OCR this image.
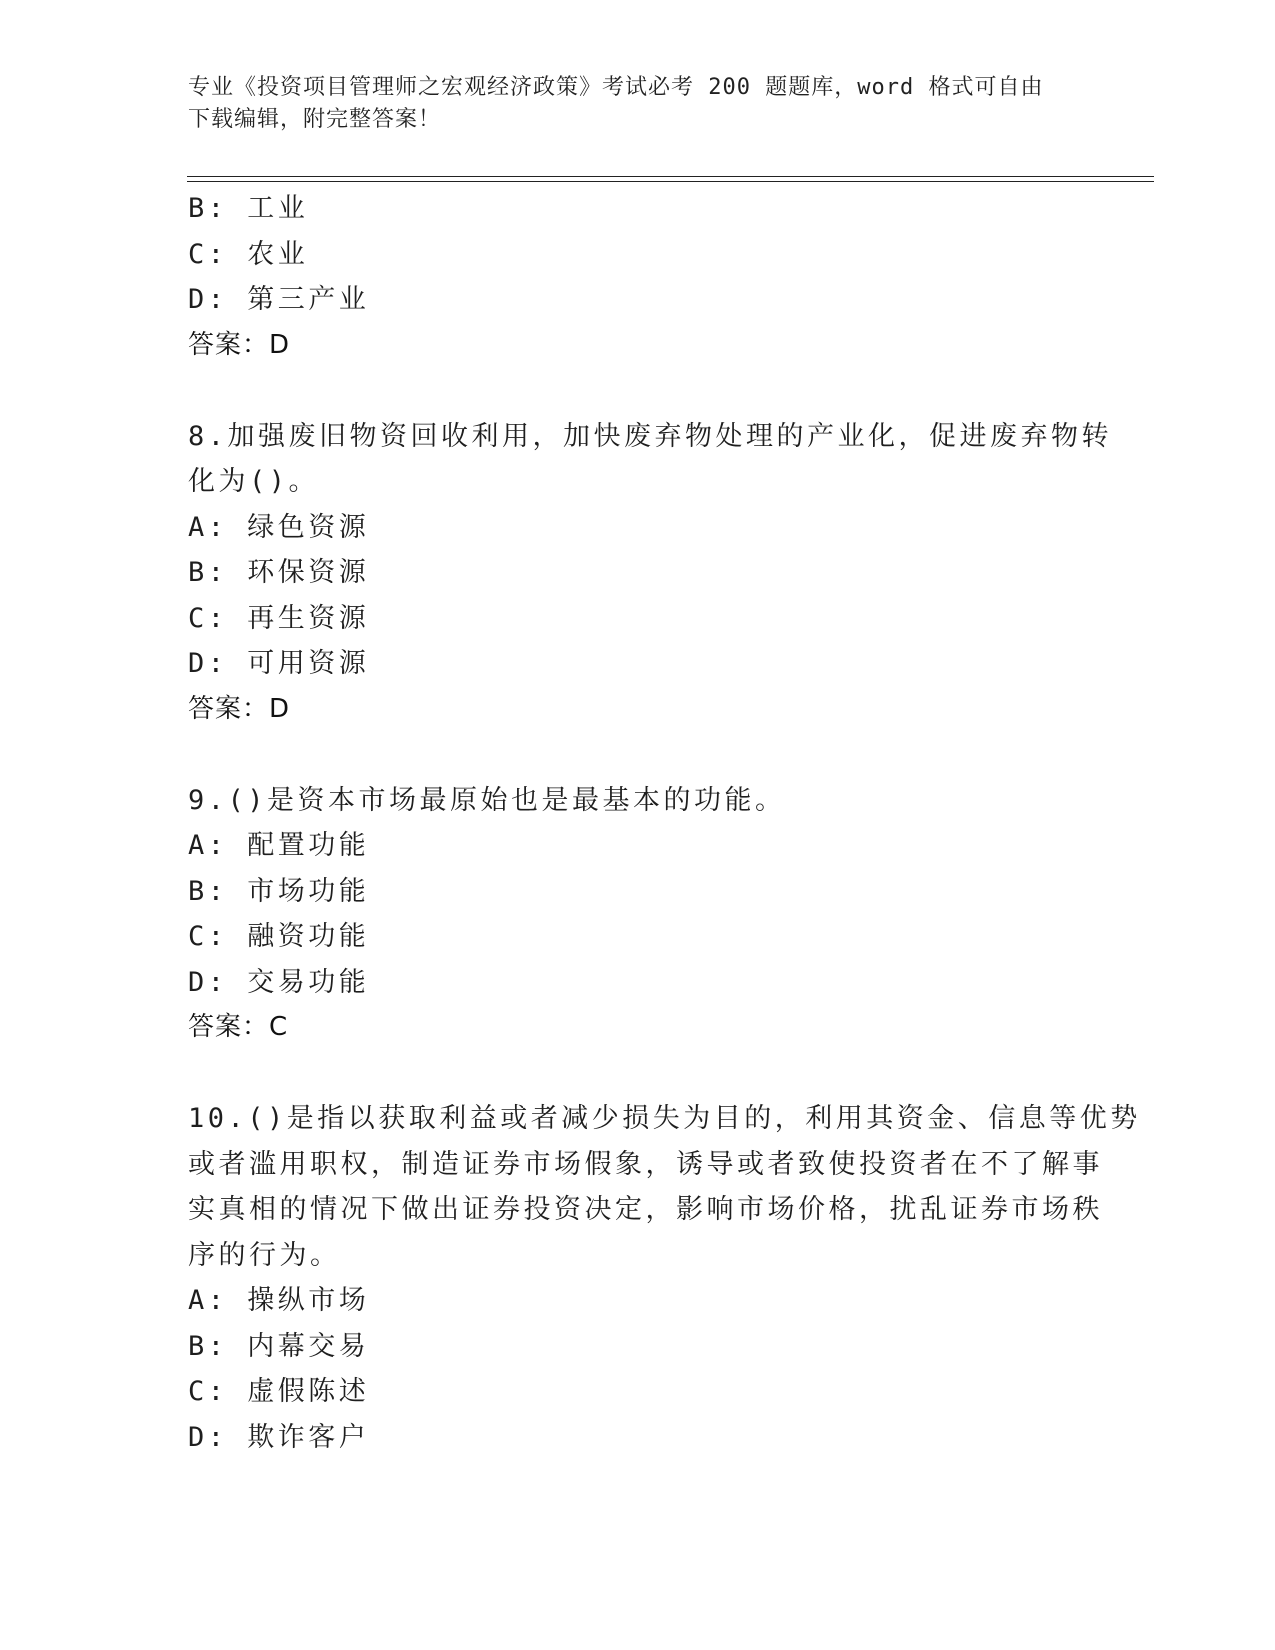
专业《投资项目管理师之宏观经济政策》考试必考 200 题题库，word 格式可自由
下载编辑，附完整答案！
B: 工业
C: 农业
D: 第三产业
答案：D
8.加强废旧物资回收利用，加快废弃物处理的产业化，促进废弃物转
化为()。
A: 绿色资源
B: 环保资源
C: 再生资源
D: 可用资源
答案：D
9.()是资本市场最原始也是最基本的功能。
A: 配置功能
B: 市场功能
C: 融资功能
D: 交易功能
答案：C
10.()是指以获取利益或者减少损失为目的，利用其资金、信息等优势
或者滥用职权，制造证券市场假象，诱导或者致使投资者在不了解事
实真相的情况下做出证券投资决定，影响市场价格，扰乱证券市场秩
序的行为。
A: 操纵市场
B: 内幕交易
C: 虚假陈述
D: 欺诈客户
